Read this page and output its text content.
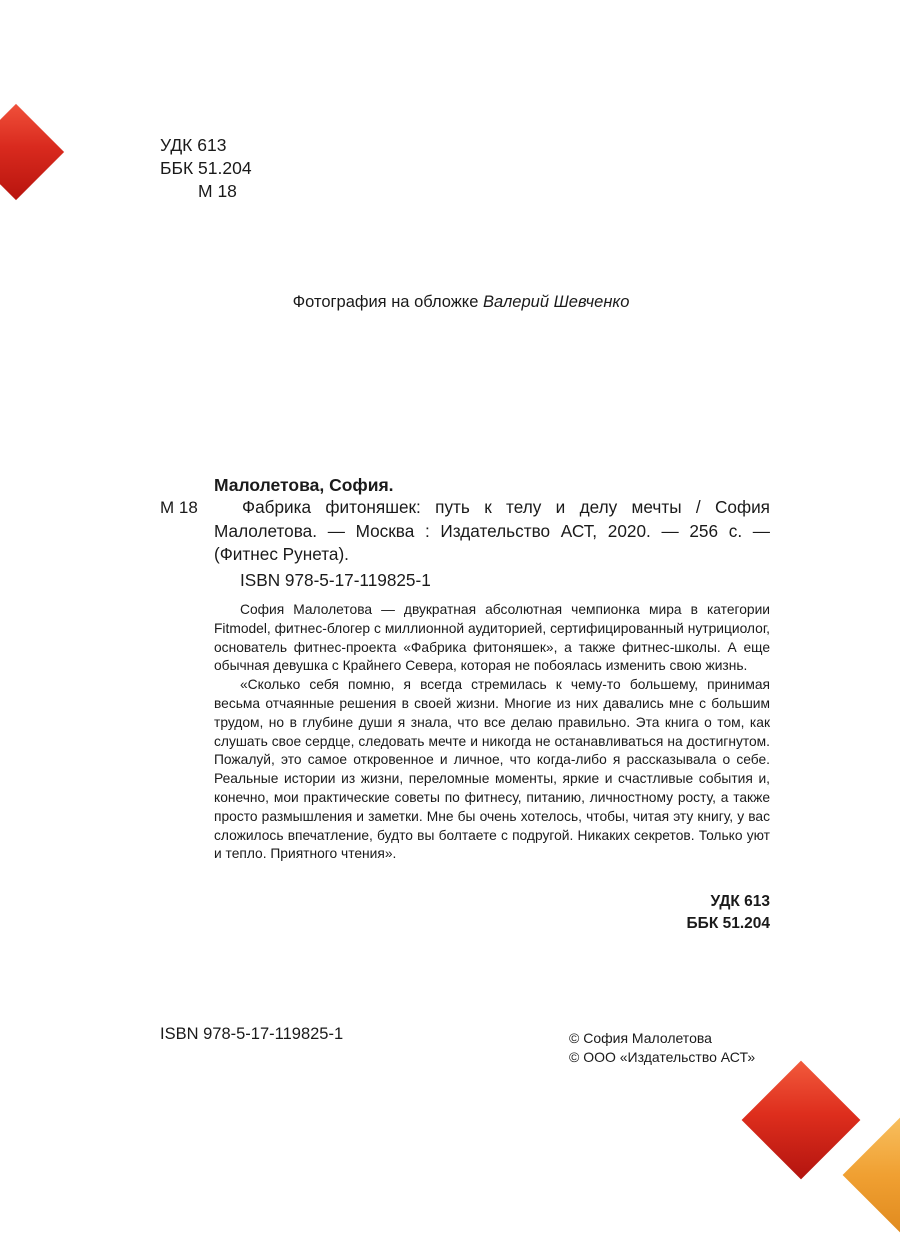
УДК 613
ББК 51.204
М 18
Фотография на обложке Валерий Шевченко
Малолетова, София.
М 18	Фабрика фитоняшек: путь к телу и делу мечты / София Малолетова. — Москва : Издательство АСТ, 2020. — 256 с. — (Фитнес Рунета).
ISBN 978-5-17-119825-1

София Малолетова — двукратная абсолютная чемпионка мира в категории Fitmodel, фитнес-блогер с миллионной аудиторией, сертифицированный нутрициолог, основатель фитнес-проекта «Фабрика фитоняшек», а также фитнес-школы. А еще обычная девушка с Крайнего Севера, которая не побоялась изменить свою жизнь.

«Сколько себя помню, я всегда стремилась к чему-то большему, принимая весьма отчаянные решения в своей жизни. Многие из них давались мне с большим трудом, но в глубине души я знала, что все делаю правильно. Эта книга о том, как слушать свое сердце, следовать мечте и никогда не останавливаться на достигнутом. Пожалуй, это самое откровенное и личное, что когда-либо я рассказывала о себе. Реальные истории из жизни, переломные моменты, яркие и счастливые события и, конечно, мои практические советы по фитнесу, питанию, личностному росту, а также просто размышления и заметки. Мне бы очень хотелось, чтобы, читая эту книгу, у вас сложилось впечатление, будто вы болтаете с подругой. Никаких секретов. Только уют и тепло. Приятного чтения».

УДК 613
ББК 51.204
ISBN 978-5-17-119825-1	© София Малолетова
© ООО «Издательство АСТ»
